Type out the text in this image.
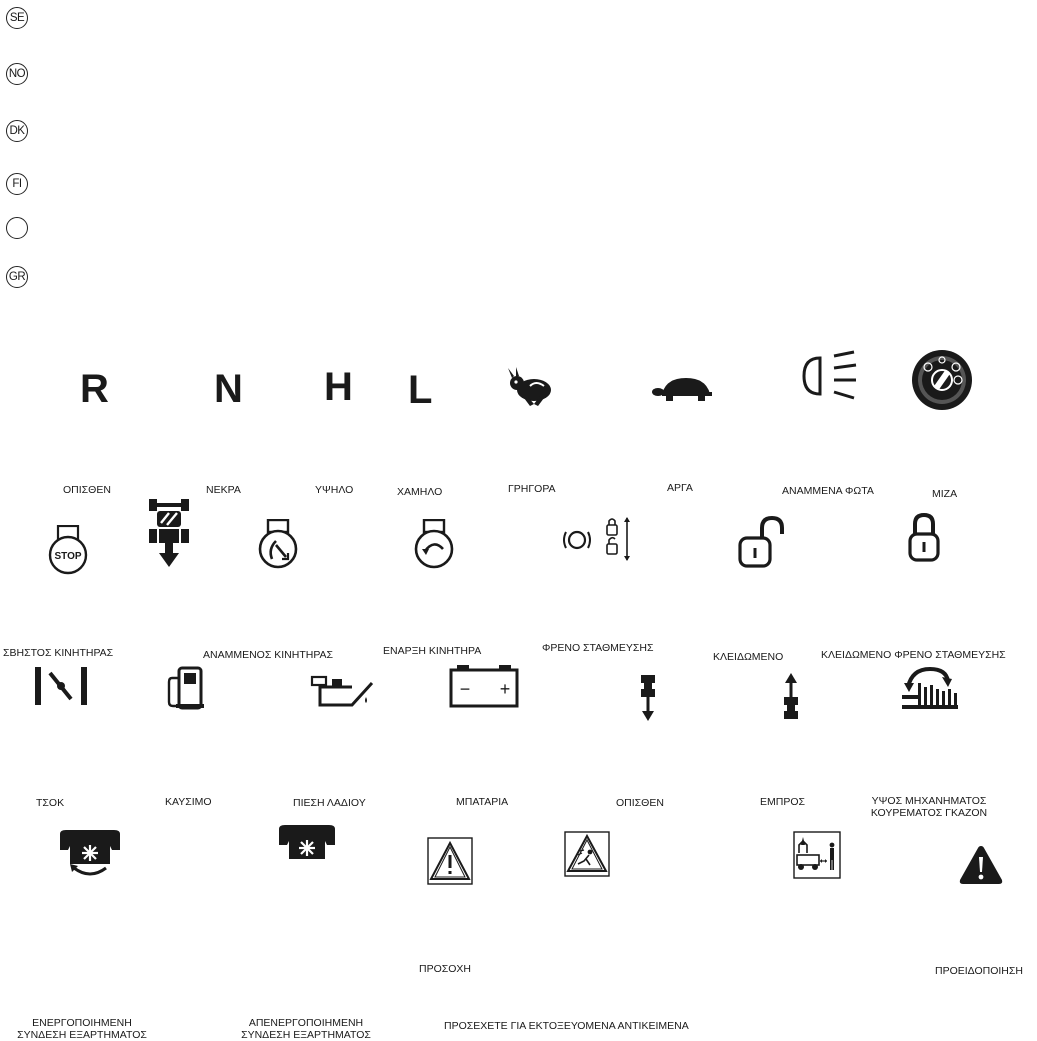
SE
NO
DK
FI
GR
R	N H L
ΟΠΙΣΘΕΝ	ΝΕΚΡΑ	ΥΨΗΛΟ	ΧΑΜΗΛΟ	ΓΡΗΓΟΡΑ	ΑΡΓΑ	ΑΝΑΜΜΕΝΑ ΦΩΤΑ	ΜΙΖΑ
STOP
ΣΒΗΣΤΟΣ ΚΙΝΗΤΗΡΑΣ	ΑΝΑΜΜΕΝΟΣ ΚΙΝΗΤΗΡΑΣ	ΕΝΑΡΞΗ ΚΙΝΗΤΗΡΑ	ΦΡΕΝΟ ΣΤΑΘΜΕΥΣΗΣ
ΚΛΕΙΔΩΜΕΝΟ	ΚΛΕΙΔΩΜΕΝΟ ΦΡΕΝΟ ΣΤΑΘΜΕΥΣΗΣ
− +
ΤΣΟΚ	ΚΑΥΣΙΜΟ	ΠΙΕΣΗ ΛΑΔΙΟΥ	ΜΠΑΤΑΡΙΑ	ΟΠΙΣΘΕΝ	ΕΜΠΡΟΣ	ΥΨΟΣ ΜΗΧΑΝΗΜΑΤΟΣ
ΚΟΥΡΕΜΑΤΟΣ ΓΚΑΖΟΝ
ΠΡΟΣΟΧΗ	ΠΡΟΕΙΔΟΠΟΙΗΣΗ
ΕΝΕΡΓΟΠΟΙΗΜΕΝΗ
ΣΥΝΔΕΣΗ ΕΞΑΡΤΗΜΑΤΟΣ
ΑΠΕΝΕΡΓΟΠΟΙΗΜΕΝΗ
ΣΥΝΔΕΣΗ ΕΞΑΡΤΗΜΑΤΟΣ
ΠΡΟΣΕΧΕΤΕ ΓΙΑ ΕΚΤΟΞΕΥΟΜΕΝΑ ΑΝΤΙΚΕΙΜΕΝΑ
